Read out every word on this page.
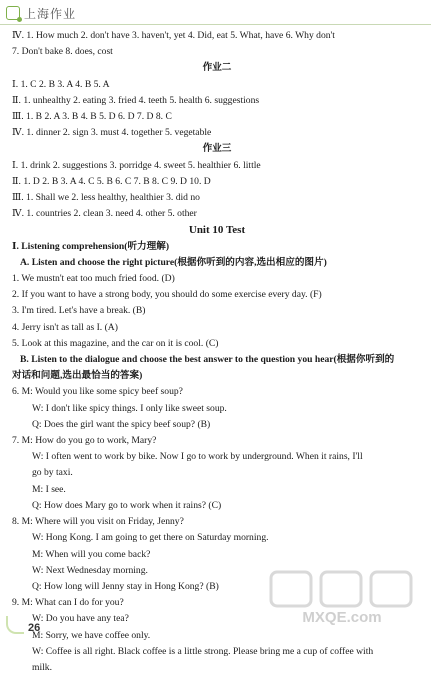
上海作业
Ⅳ. 1. How much 2. don't have 3. haven't, yet 4. Did, eat 5. What, have 6. Why don't
7. Don't bake 8. does, cost
作业二
Ⅰ. 1. C 2. B 3. A 4. B 5. A
Ⅱ. 1. unhealthy 2. eating 3. fried 4. teeth 5. health 6. suggestions
Ⅲ. 1. B 2. A 3. B 4. B 5. D 6. D 7. D 8. C
Ⅳ. 1. dinner 2. sign 3. must 4. together 5. vegetable
作业三
Ⅰ. 1. drink 2. suggestions 3. porridge 4. sweet 5. healthier 6. little
Ⅱ. 1. D 2. B 3. A 4. C 5. B 6. C 7. B 8. C 9. D 10. D
Ⅲ. 1. Shall we 2. less healthy, healthier 3. did no
Ⅳ. 1. countries 2. clean 3. need 4. other 5. other
Unit 10 Test
Ⅰ. Listening comprehension(听力理解)
A. Listen and choose the right picture(根据你听到的内容,选出相应的图片)
1. We mustn't eat too much fried food. (D)
2. If you want to have a strong body, you should do some exercise every day. (F)
3. I'm tired. Let's have a break. (B)
4. Jerry isn't as tall as I. (A)
5. Look at this magazine, and the car on it is cool. (C)
B. Listen to the dialogue and choose the best answer to the question you hear(根据你听到的
对话和问题,选出最恰当的答案)
6. M: Would you like some spicy beef soup?
W: I don't like spicy things. I only like sweet soup.
Q: Does the girl want the spicy beef soup? (B)
7. M: How do you go to work, Mary?
W: I often went to work by bike. Now I go to work by underground. When it rains, I'll
go by taxi.
M: I see.
Q: How does Mary go to work when it rains? (C)
8. M: Where will you visit on Friday, Jenny?
W: Hong Kong. I am going to get there on Saturday morning.
M: When will you come back?
W: Next Wednesday morning.
Q: How long will Jenny stay in Hong Kong? (B)
9. M: What can I do for you?
W: Do you have any tea?
M: Sorry, we have coffee only.
W: Coffee is all right. Black coffee is a little strong. Please bring me a cup of coffee with
milk.
26
MXQE.com
